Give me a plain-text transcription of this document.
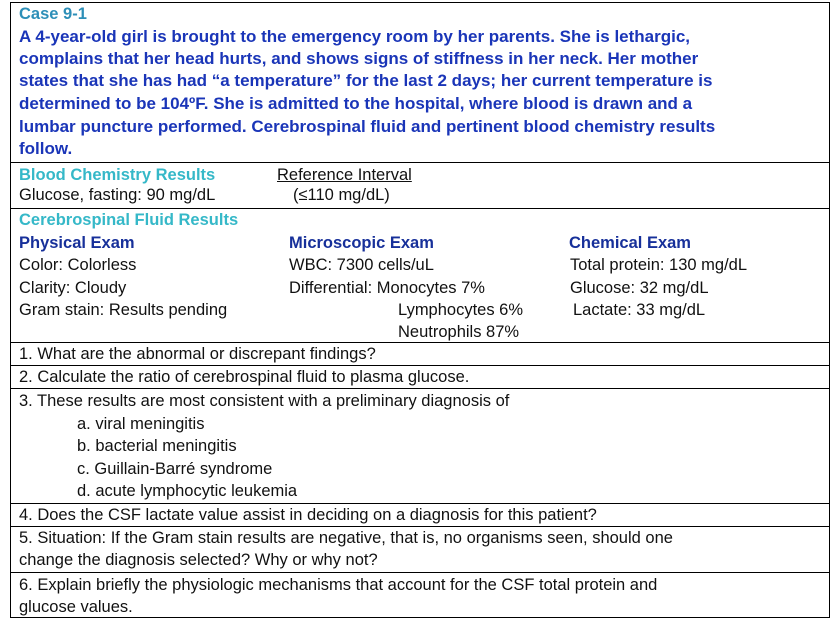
Case 9-1
A 4-year-old girl is brought to the emergency room by her parents. She is lethargic,
complains that her head hurts, and shows signs of stiffness in her neck. Her mother
states that she has had “a temperature” for the last 2 days; her current temperature is
determined to be 104ºF. She is admitted to the hospital, where blood is drawn and a
lumbar puncture performed. Cerebrospinal fluid and pertinent blood chemistry results
follow.
Blood Chemistry Results	Reference Interval
Glucose, fasting: 90 mg/dL	(≤110 mg/dL)
Cerebrospinal Fluid Results
Physical Exam
Color: Colorless
Clarity: Cloudy
Gram stain: Results pending
Microscopic Exam
WBC: 7300 cells/uL
Differential: Monocytes 7%
Lymphocytes 6%
Neutrophils 87%
Chemical Exam
Total protein: 130 mg/dL
Glucose: 32 mg/dL
Lactate: 33 mg/dL
1. What are the abnormal or discrepant findings?
2. Calculate the ratio of cerebrospinal fluid to plasma glucose.
3. These results are most consistent with a preliminary diagnosis of
a. viral meningitis
b. bacterial meningitis
c. Guillain-Barré syndrome
d. acute lymphocytic leukemia
4. Does the CSF lactate value assist in deciding on a diagnosis for this patient?
5. Situation: If the Gram stain results are negative, that is, no organisms seen, should one
change the diagnosis selected? Why or why not?
6. Explain briefly the physiologic mechanisms that account for the CSF total protein and
glucose values.
